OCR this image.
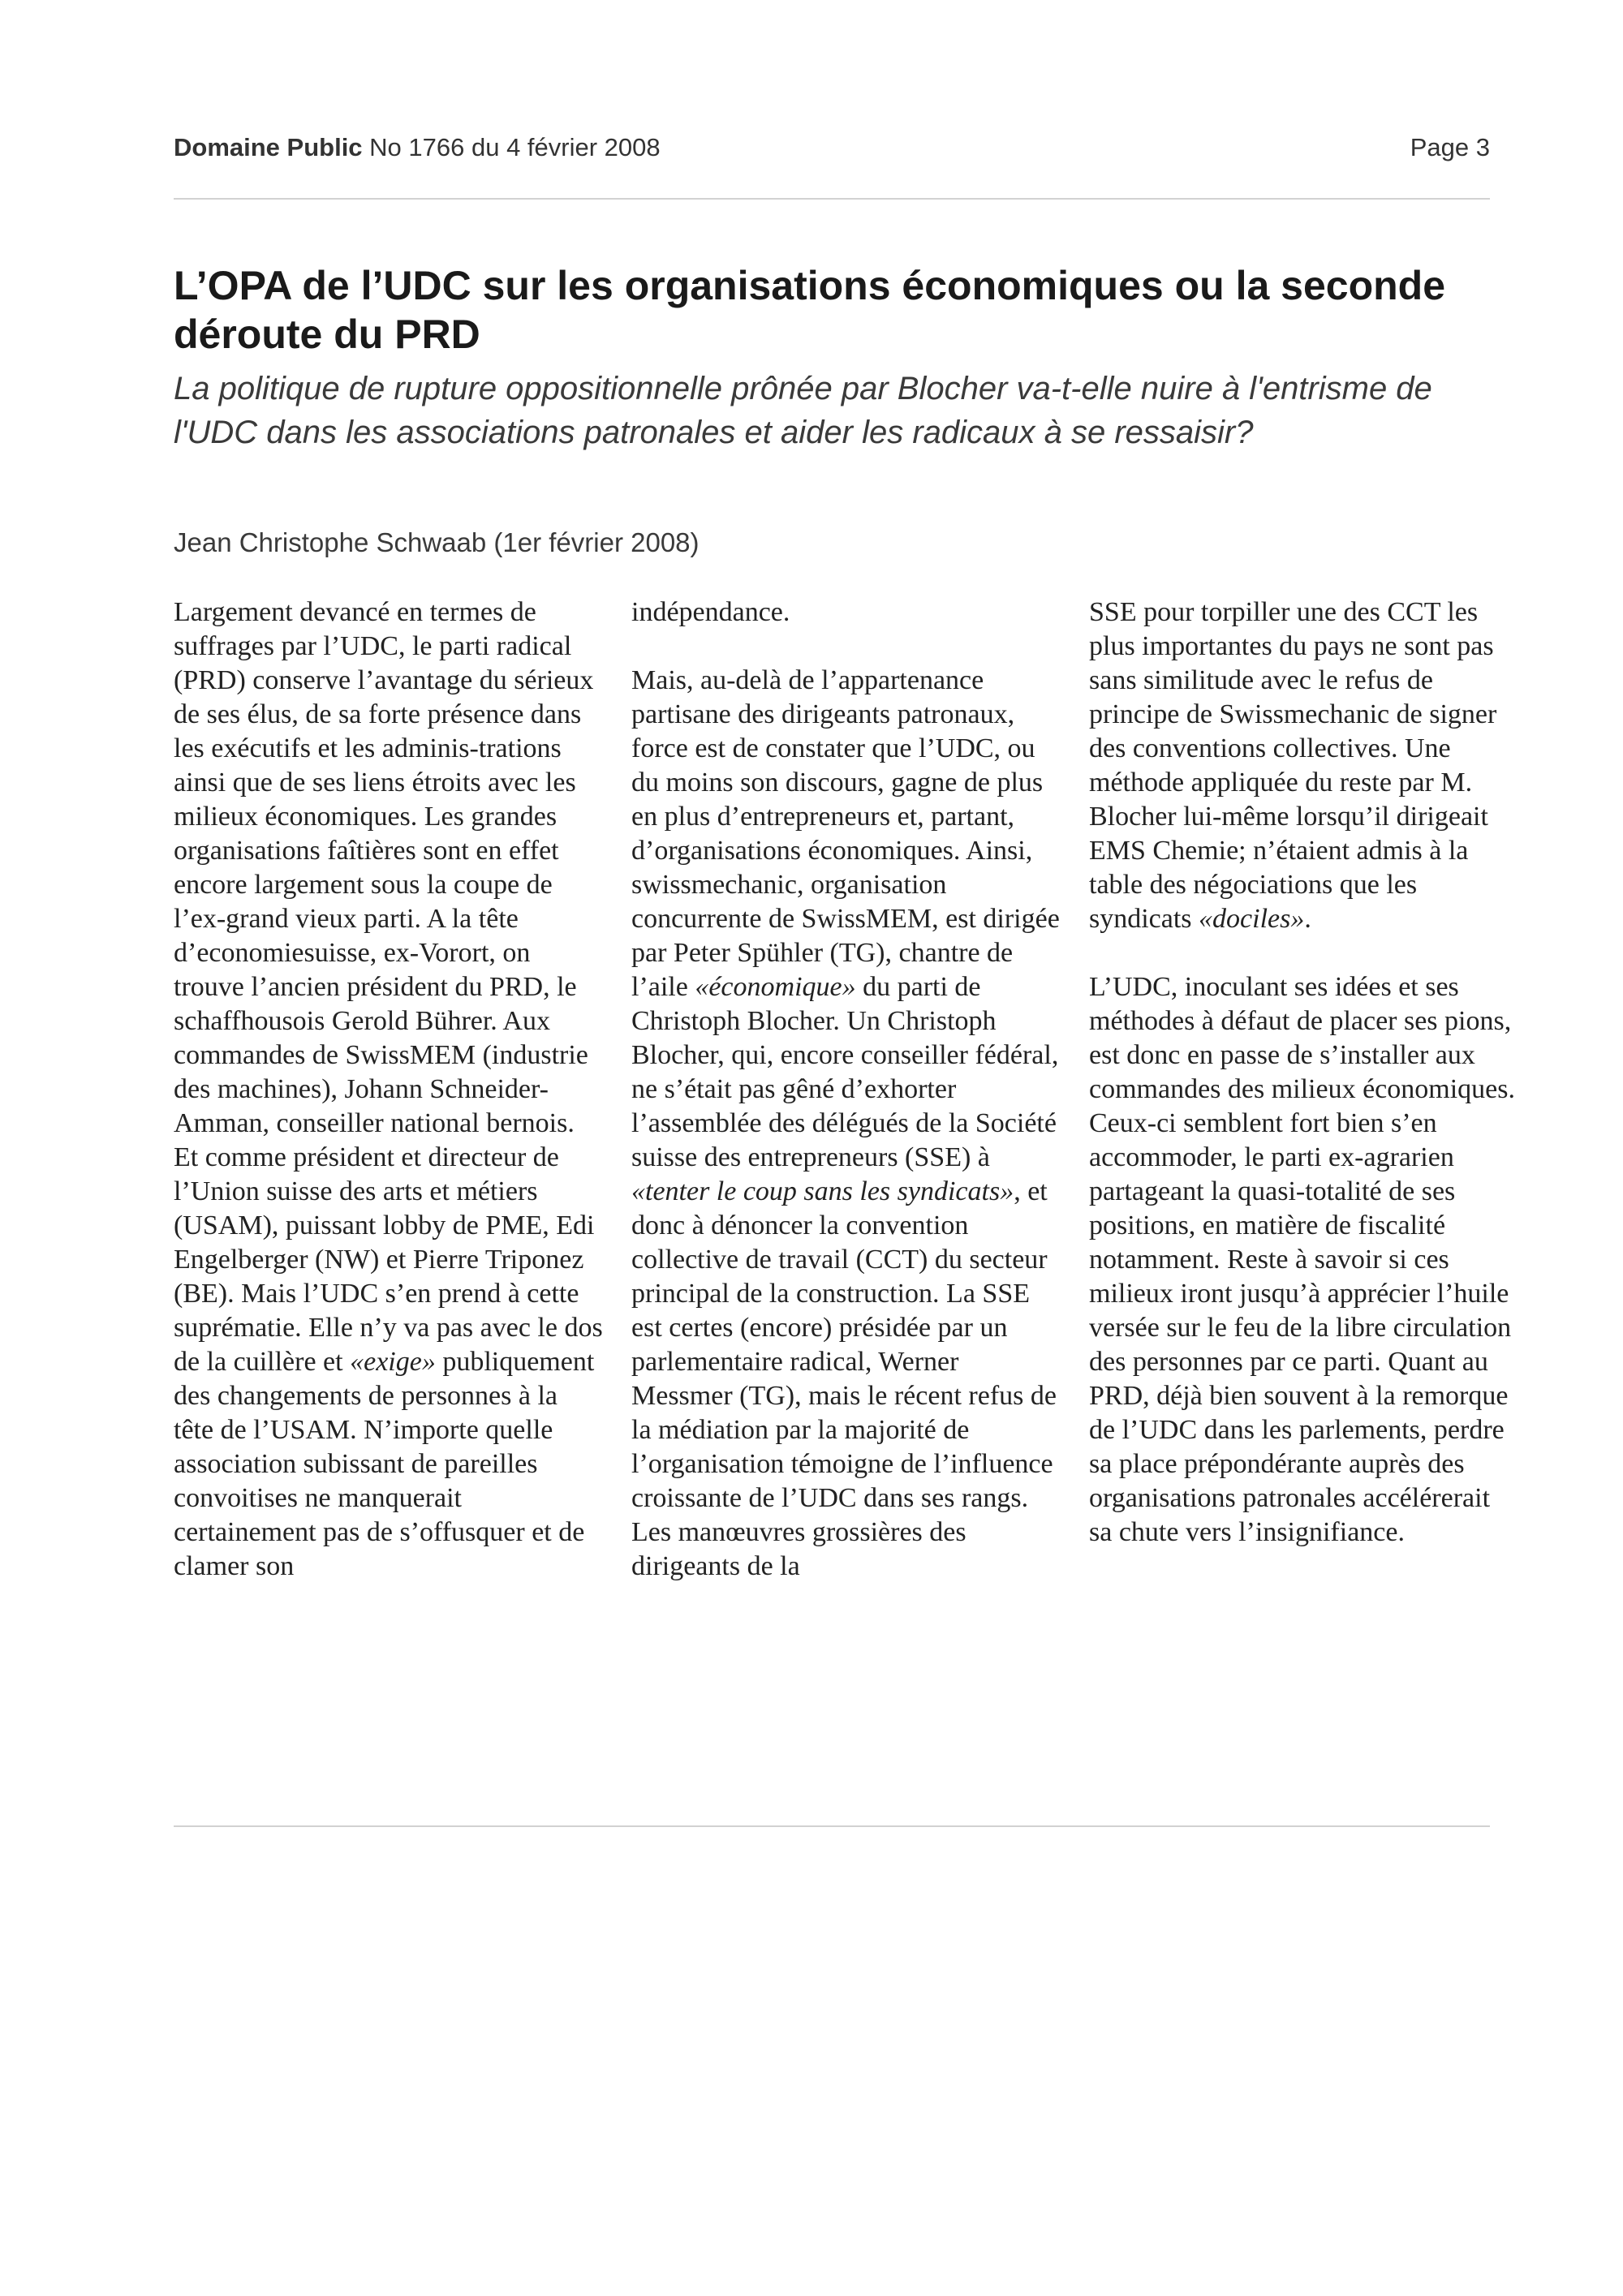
Domaine Public No 1766 du 4 février 2008	Page 3
L’OPA de l’UDC sur les organisations économiques ou la seconde déroute du PRD

La politique de rupture oppositionnelle prônée par Blocher va-t-elle nuire à l'entrisme de l'UDC dans les associations patronales et aider les radicaux à se ressaisir?

Jean Christophe Schwaab (1er février 2008)

Largement devancé en termes de suffrages par l’UDC, le parti radical (PRD) conserve l’avantage du sérieux de ses élus, de sa forte présence dans les exécutifs et les adminis-trations ainsi que de ses liens étroits avec les milieux économiques. Les grandes organisations faîtières sont en effet encore largement sous la coupe de l’ex-grand vieux parti. A la tête d’economiesuisse, ex-Vorort, on trouve l’ancien président du PRD, le schaffhousois Gerold Bührer. Aux commandes de SwissMEM (industrie des machines), Johann Schneider-Amman, conseiller national bernois. Et comme président et directeur de l’Union suisse des arts et métiers (USAM), puissant lobby de PME, Edi Engelberger (NW) et Pierre Triponez (BE). Mais l’UDC s’en prend à cette suprématie. Elle n’y va pas avec le dos de la cuillère et «exige» publiquement des changements de personnes à la tête de l’USAM. N’importe quelle association subissant de pareilles convoitises ne manquerait certainement pas de s’offusquer et de clamer son

indépendance.

Mais, au-delà de l’appartenance partisane des dirigeants patronaux, force est de constater que l’UDC, ou du moins son discours, gagne de plus en plus d’entrepreneurs et, partant, d’organisations économiques. Ainsi, swissmechanic, organisation concurrente de SwissMEM, est dirigée par Peter Spühler (TG), chantre de l’aile «économique» du parti de Christoph Blocher. Un Christoph Blocher, qui, encore conseiller fédéral, ne s’était pas gêné d’exhorter l’assemblée des délégués de la Société suisse des entrepreneurs (SSE) à «tenter le coup sans les syndicats», et donc à dénoncer la convention collective de travail (CCT) du secteur principal de la construction. La SSE est certes (encore) présidée par un parlementaire radical, Werner Messmer (TG), mais le récent refus de la médiation par la majorité de l’organisation témoigne de l’influence croissante de l’UDC dans ses rangs. Les manœuvres grossières des dirigeants de la

SSE pour torpiller une des CCT les plus importantes du pays ne sont pas sans similitude avec le refus de principe de Swissmechanic de signer des conventions collectives. Une méthode appliquée du reste par M. Blocher lui-même lorsqu’il dirigeait EMS Chemie; n’étaient admis à la table des négociations que les syndicats «dociles».

L’UDC, inoculant ses idées et ses méthodes à défaut de placer ses pions, est donc en passe de s’installer aux commandes des milieux économiques. Ceux-ci semblent fort bien s’en accommoder, le parti ex-agrarien partageant la quasi-totalité de ses positions, en matière de fiscalité notamment. Reste à savoir si ces milieux iront jusqu’à apprécier l’huile versée sur le feu de la libre circulation des personnes par ce parti. Quant au PRD, déjà bien souvent à la remorque de l’UDC dans les parlements, perdre sa place prépondérante auprès des organisations patronales accélérerait sa chute vers l’insignifiance.
